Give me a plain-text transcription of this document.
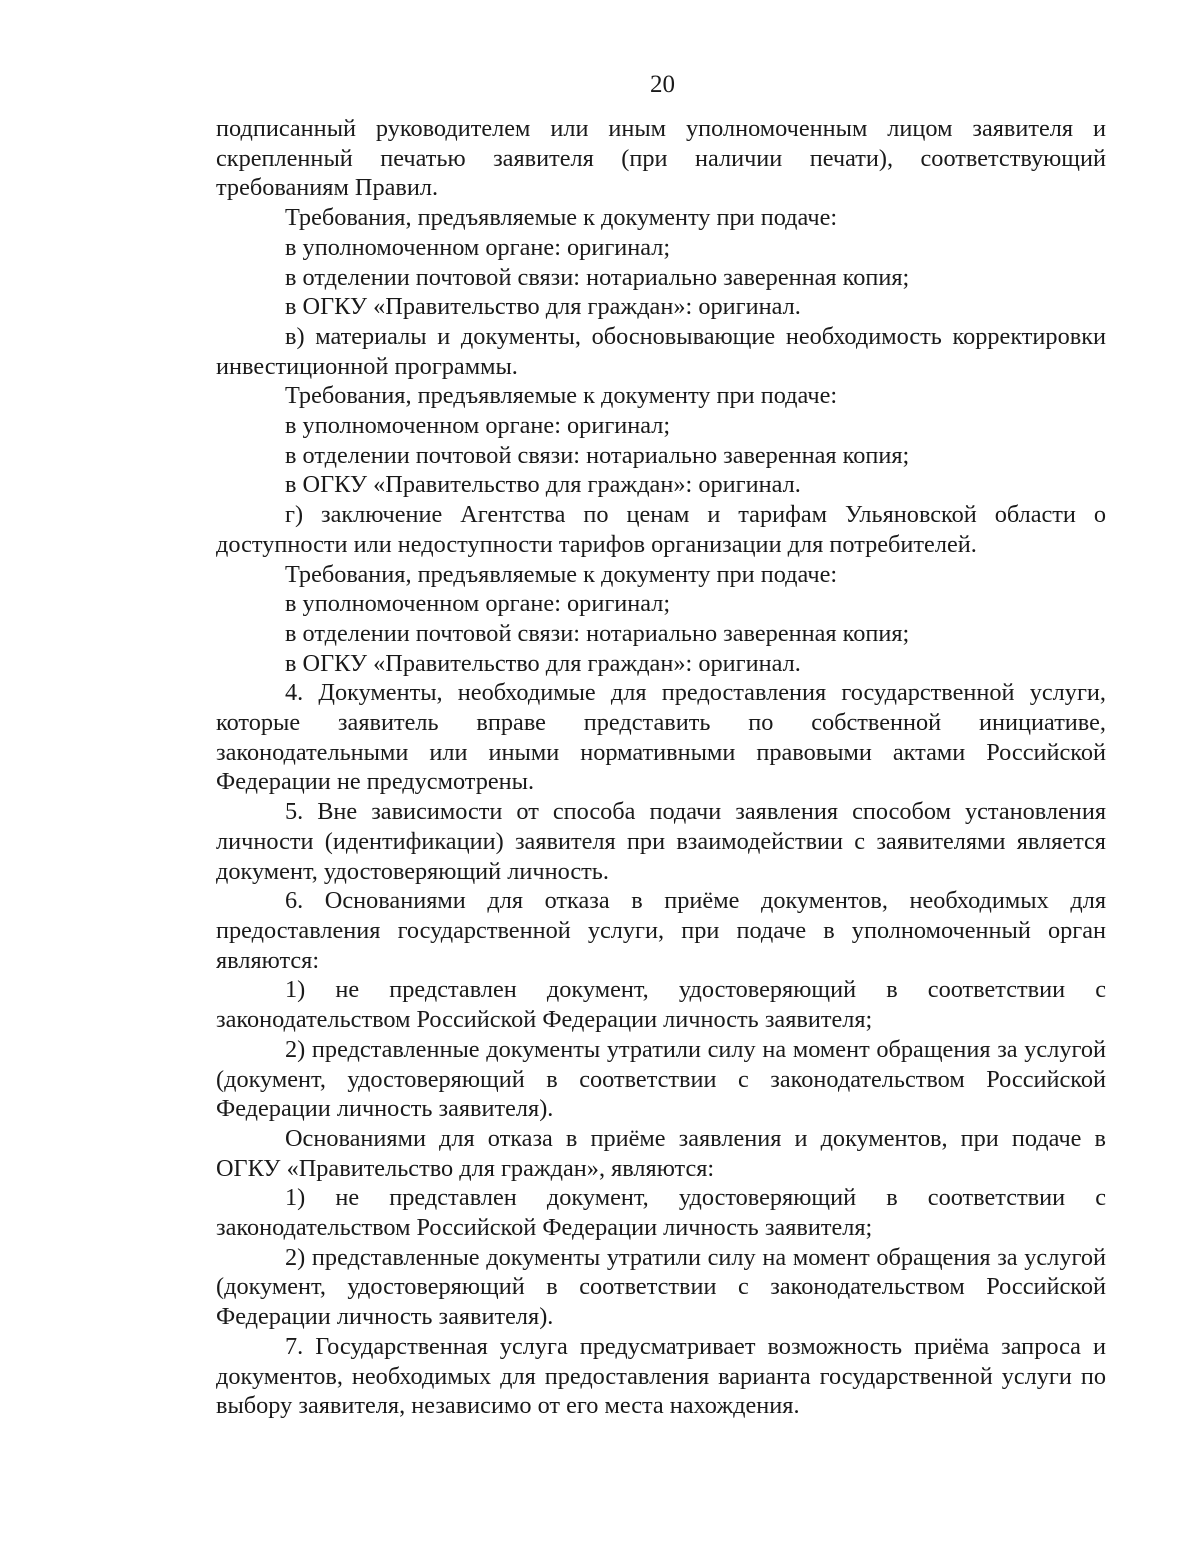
20

подписанный руководителем или иным уполномоченным лицом заявителя и скрепленный печатью заявителя (при наличии печати), соответствующий требованиям Правил.

Требования, предъявляемые к документу при подаче:

в уполномоченном органе: оригинал;

в отделении почтовой связи: нотариально заверенная копия;

в ОГКУ «Правительство для граждан»: оригинал.

в) материалы и документы, обосновывающие необходимость корректировки инвестиционной программы.

Требования, предъявляемые к документу при подаче:

в уполномоченном органе: оригинал;

в отделении почтовой связи: нотариально заверенная копия;

в ОГКУ «Правительство для граждан»: оригинал.

г) заключение Агентства по ценам и тарифам Ульяновской области о доступности или недоступности тарифов организации для потребителей.

Требования, предъявляемые к документу при подаче:

в уполномоченном органе: оригинал;

в отделении почтовой связи: нотариально заверенная копия;

в ОГКУ «Правительство для граждан»: оригинал.

4. Документы, необходимые для предоставления государственной услуги, которые заявитель вправе представить по собственной инициативе, законодательными или иными нормативными правовыми актами Российской Федерации не предусмотрены.

5. Вне зависимости от способа подачи заявления способом установления личности (идентификации) заявителя при взаимодействии с заявителями является документ, удостоверяющий личность.

6. Основаниями для отказа в приёме документов, необходимых для предоставления государственной услуги, при подаче в уполномоченный орган являются:

1) не представлен документ, удостоверяющий в соответствии с законодательством Российской Федерации личность заявителя;

2) представленные документы утратили силу на момент обращения за услугой (документ, удостоверяющий в соответствии с законодательством Российской Федерации личность заявителя).

Основаниями для отказа в приёме заявления и документов, при подаче в ОГКУ «Правительство для граждан», являются:

1) не представлен документ, удостоверяющий в соответствии с законодательством Российской Федерации личность заявителя;

2) представленные документы утратили силу на момент обращения за услугой (документ, удостоверяющий в соответствии с законодательством Российской Федерации личность заявителя).

7. Государственная услуга предусматривает возможность приёма запроса и документов, необходимых для предоставления варианта государственной услуги по выбору заявителя, независимо от его места нахождения.
